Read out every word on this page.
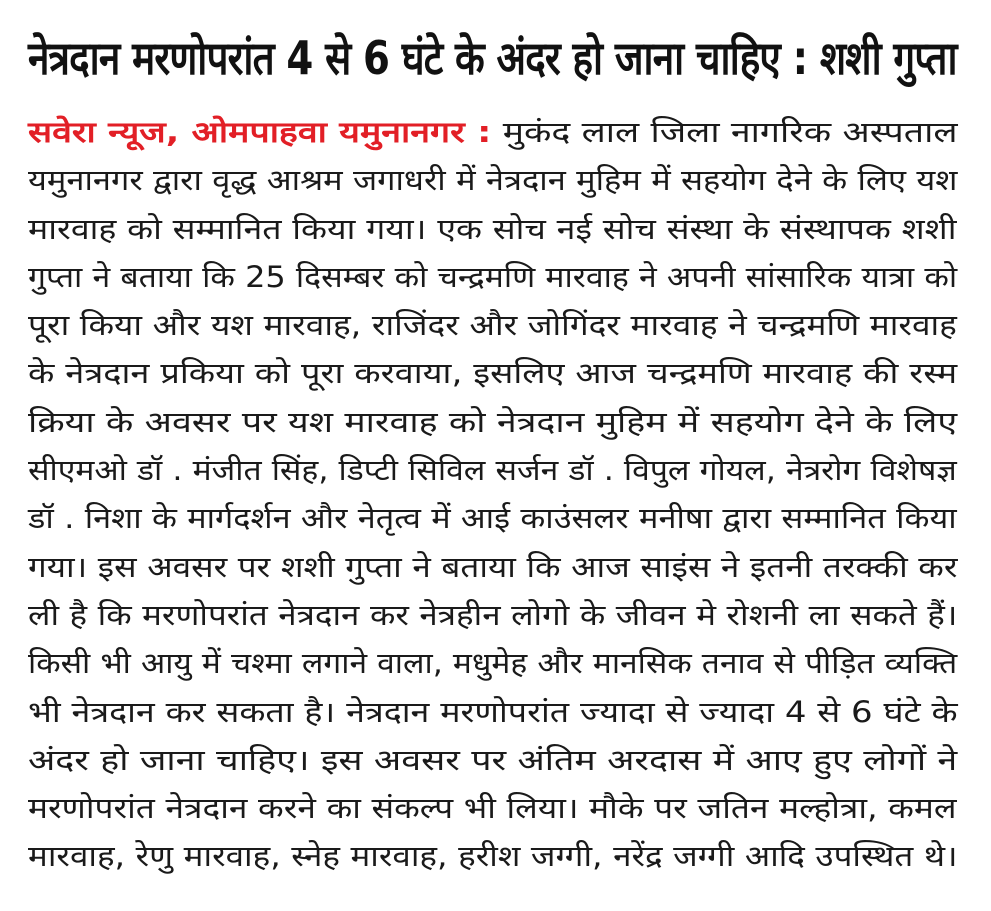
नेत्रदान मरणोपरांत 4 से 6 घंटे के अंदर हो जाना चाहिए : शशी गुप्ता
सवेरा न्यूज, ओमपाहवा यमुनानगर : मुकंद लाल जिला नागरिक अस्पताल
यमुनानगर द्वारा वृद्ध आश्रम जगाधरी में नेत्रदान मुहिम में सहयोग देने के लिए यश
मारवाह को सम्मानित किया गया। एक सोच नई सोच संस्था के संस्थापक शशी
गुप्ता ने बताया कि 25 दिसम्बर को चन्द्रमणि मारवाह ने अपनी सांसारिक यात्रा को
पूरा किया और यश मारवाह, राजिंदर और जोगिंदर मारवाह ने चन्द्रमणि मारवाह
के नेत्रदान प्रकिया को पूरा करवाया, इसलिए आज चन्द्रमणि मारवाह की रस्म
क्रिया के अवसर पर यश मारवाह को नेत्रदान मुहिम में सहयोग देने के लिए
सीएमओ डॉ . मंजीत सिंह, डिप्टी सिविल सर्जन डॉ . विपुल गोयल, नेत्ररोग विशेषज्ञ
डॉ . निशा के मार्गदर्शन और नेतृत्व में आई काउंसलर मनीषा द्वारा सम्मानित किया
गया। इस अवसर पर शशी गुप्ता ने बताया कि आज साइंस ने इतनी तरक्की कर
ली है कि मरणोपरांत नेत्रदान कर नेत्रहीन लोगो के जीवन मे रोशनी ला सकते हैं।
किसी भी आयु में चश्मा लगाने वाला, मधुमेह और मानसिक तनाव से पीड़ित व्यक्ति
भी नेत्रदान कर सकता है। नेत्रदान मरणोपरांत ज्यादा से ज्यादा 4 से 6 घंटे के
अंदर हो जाना चाहिए। इस अवसर पर अंतिम अरदास में आए हुए लोगों ने
मरणोपरांत नेत्रदान करने का संकल्प भी लिया। मौके पर जतिन मल्होत्रा, कमल
मारवाह, रेणु मारवाह, स्नेह मारवाह, हरीश जग्गी, नरेंद्र जग्गी आदि उपस्थित थे।
